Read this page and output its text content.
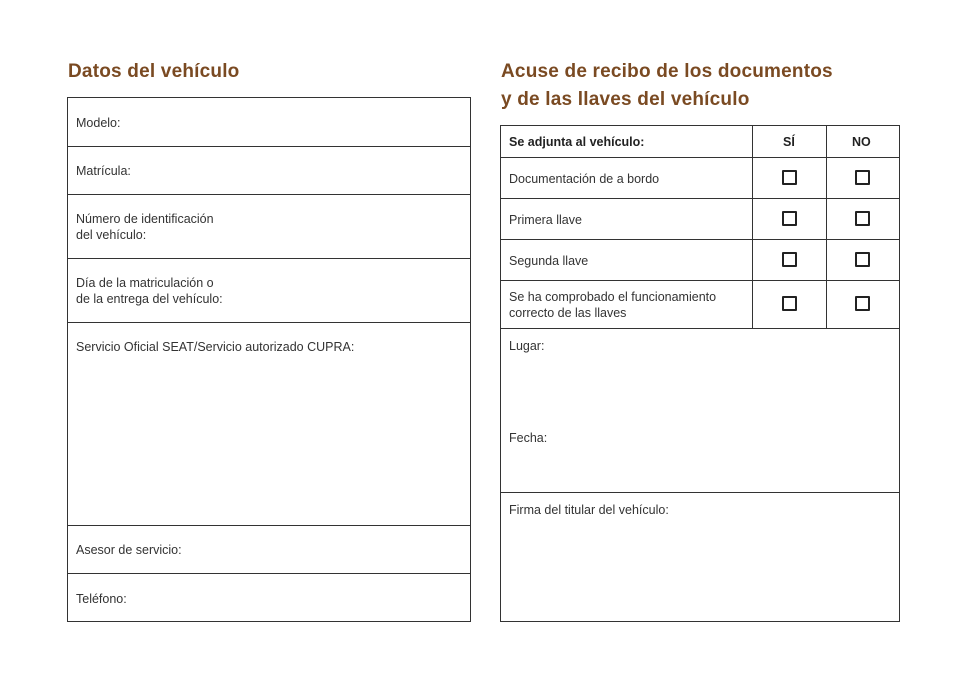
Datos del vehículo
Modelo:
Matrícula:
Número de identificación
del vehículo:
Día de la matriculación o
de la entrega del vehículo:
Servicio Oficial SEAT/Servicio autorizado CUPRA:
Asesor de servicio:
Teléfono:
Acuse de recibo de los documentos
y de las llaves del vehículo
Se adjunta al vehículo:	SÍ	NO
Documentación de a bordo
Primera llave
Segunda llave
Se ha comprobado el funcionamiento
correcto de las llaves
Lugar:
Fecha:
Firma del titular del vehículo:
